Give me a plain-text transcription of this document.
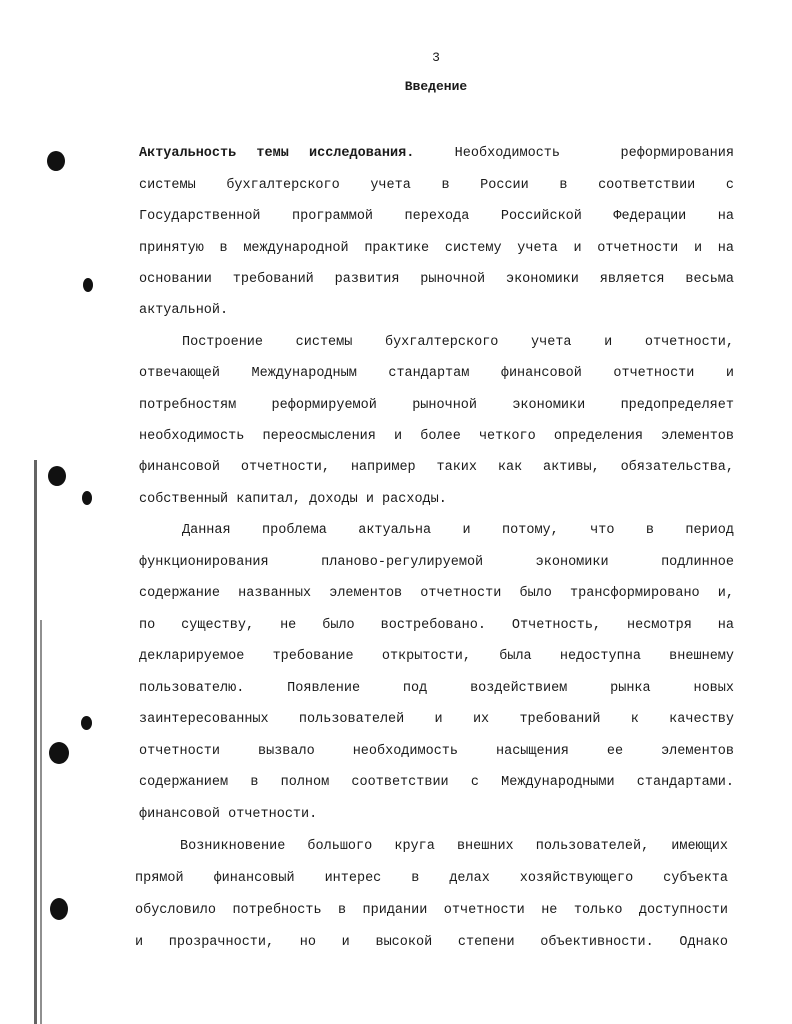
3
Введение
Актуальность темы исследования.  Необходимость   реформирования
системы бухгалтерского учета в России в соответствии с
Государственной программой перехода Российской Федерации на
принятую в международной практике систему учета и отчетности и на
основании требований развития рыночной экономики является весьма
актуальной.
Построение системы бухгалтерского учета и отчетности,
отвечающей Международным стандартам финансовой отчетности и
потребностям реформируемой рыночной экономики предопределяет
необходимость переосмысления и более четкого определения элементов
финансовой отчетности, например таких как активы, обязательства,
собственный капитал, доходы и расходы.
Данная проблема актуальна и потому, что в период
функционирования планово-регулируемой экономики подлинное
содержание названных элементов отчетности было трансформировано и,
по существу, не было востребовано. Отчетность, несмотря на
декларируемое требование открытости, была недоступна внешнему
пользователю. Появление под воздействием рынка новых
заинтересованных пользователей и их требований к качеству
отчетности вызвало необходимость насыщения ее элементов
содержанием в полном соответствии с Международными стандартами.
финансовой отчетности.
Возникновение большого круга внешних пользователей, имеющих
прямой финансовый интерес в делах хозяйствующего субъекта
обусловило потребность в придании отчетности не только доступности
и прозрачности, но и высокой степени объективности. Однако
